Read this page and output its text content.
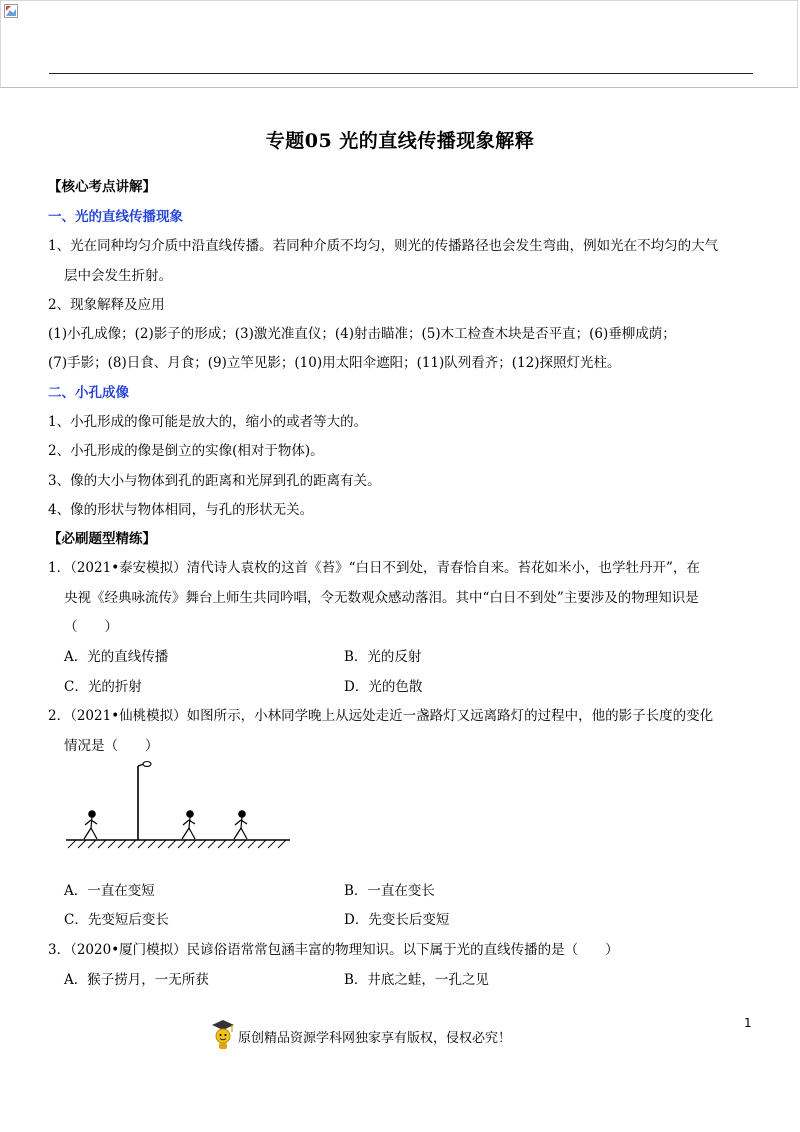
专题05 光的直线传播现象解释
【核心考点讲解】
一、光的直线传播现象
1、光在同种均匀介质中沿直线传播。若同种介质不均匀，则光的传播路径也会发生弯曲，例如光在不均匀的大气
层中会发生折射。
2、现象解释及应用
(1)小孔成像；(2)影子的形成；(3)激光准直仪；(4)射击瞄准；(5)木工检查木块是否平直；(6)垂柳成荫；
(7)手影；(8)日食、月食；(9)立竿见影；(10)用太阳伞遮阳；(11)队列看齐；(12)探照灯光柱。
二、小孔成像
1、小孔形成的像可能是放大的，缩小的或者等大的。
2、小孔形成的像是倒立的实像(相对于物体)。
3、像的大小与物体到孔的距离和光屏到孔的距离有关。
4、像的形状与物体相同，与孔的形状无关。
【必刷题型精练】
1．（2021•泰安模拟）清代诗人袁枚的这首《苔》“白日不到处，青春恰自来。苔花如米小，也学牡丹开”，在
央视《经典咏流传》舞台上师生共同吟唱，令无数观众感动落泪。其中“白日不到处”主要涉及的物理知识是
（　　）
A．光的直线传播	B．光的反射
C．光的折射	D．光的色散
2．（2021•仙桃模拟）如图所示，小林同学晚上从远处走近一盏路灯又远离路灯的过程中，他的影子长度的变化
情况是（　　）
A．一直在变短	B．一直在变长
C．先变短后变长	D．先变长后变短
3．（2020•厦门模拟）民谚俗语常常包涵丰富的物理知识。以下属于光的直线传播的是（　　）
A．猴子捞月，一无所获	B．井底之蛙，一孔之见
1
原创精品资源学科网独家享有版权，侵权必究！
